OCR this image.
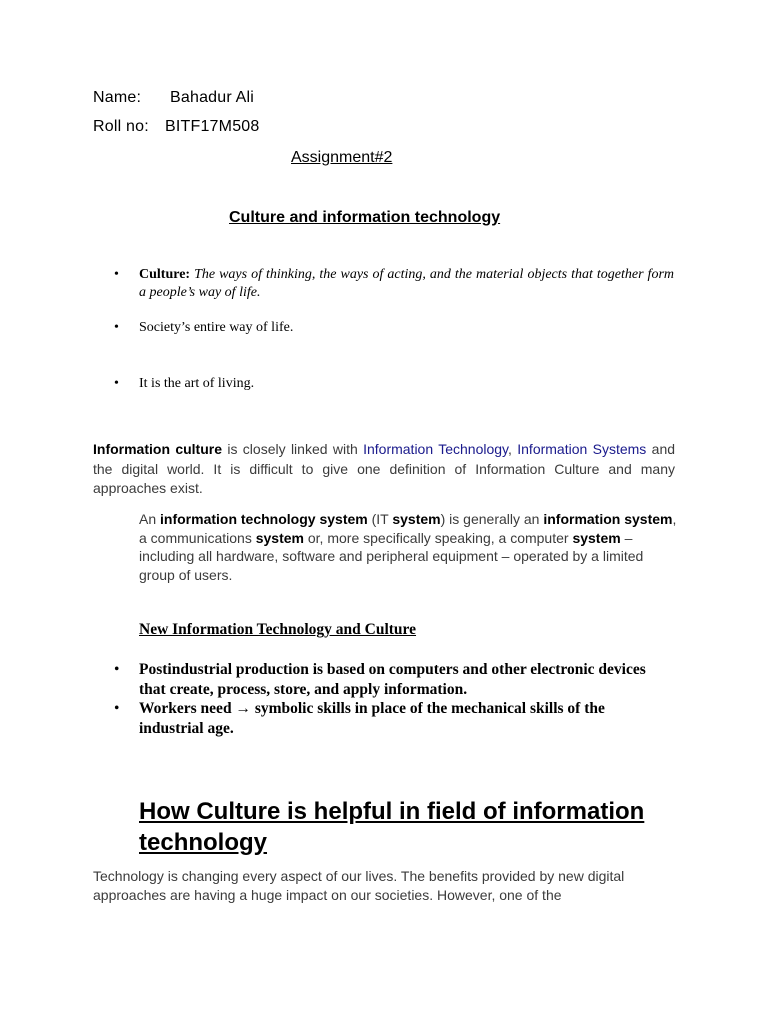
Name: Bahadur Ali
Roll no: BITF17M508
Assignment#2
Culture and information technology
• Culture: The ways of thinking, the ways of acting, and the material objects that together form a people’s way of life.
• Society’s entire way of life.
• It is the art of living.
Information culture is closely linked with Information Technology, Information Systems and the digital world. It is difficult to give one definition of Information Culture and many approaches exist.
An information technology system (IT system) is generally an information system, a communications system or, more specifically speaking, a computer system – including all hardware, software and peripheral equipment – operated by a limited group of users.
New Information Technology and Culture
• Postindustrial production is based on computers and other electronic devices that create, process, store, and apply information.
• Workers need → symbolic skills in place of the mechanical skills of the industrial age.
How Culture is helpful in field of information technology
Technology is changing every aspect of our lives. The benefits provided by new digital approaches are having a huge impact on our societies. However, one of the
